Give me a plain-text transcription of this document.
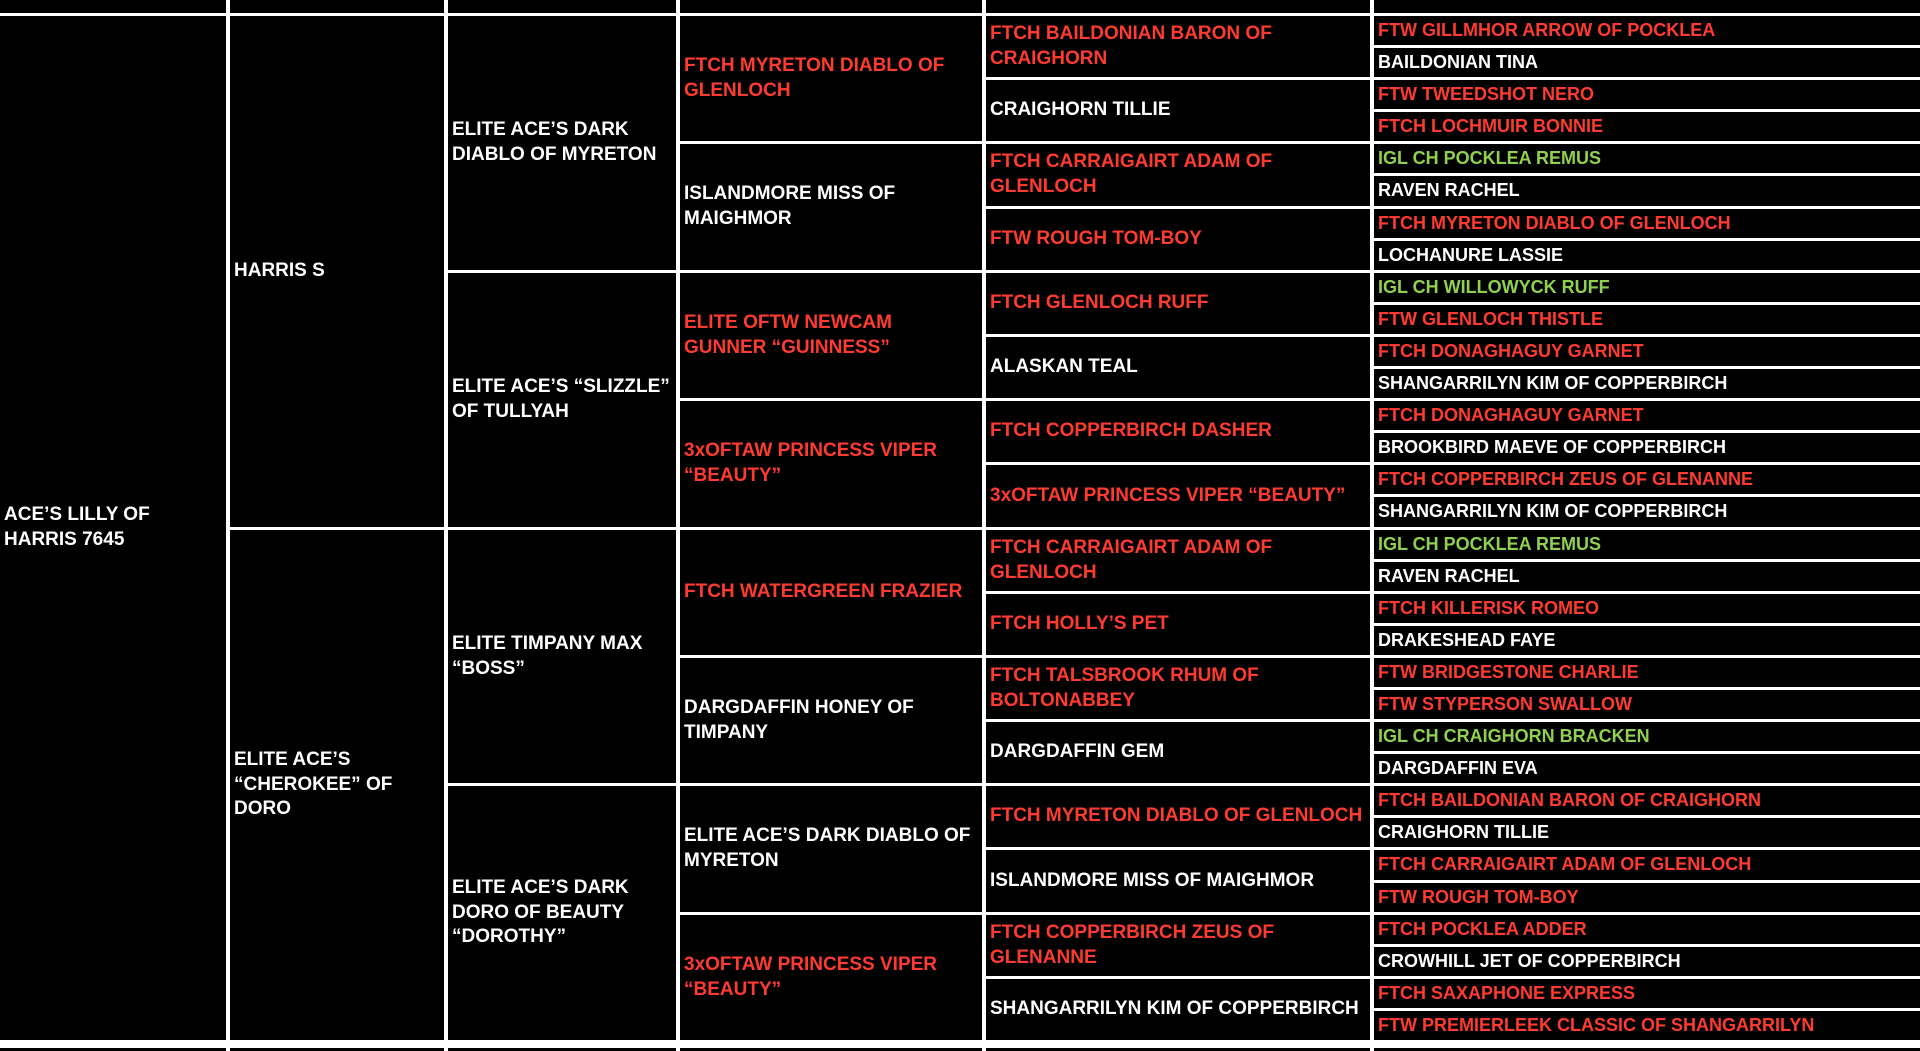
ACE’S LILLY OF HARRIS 7645
HARRIS S
ELITE ACE’S “CHEROKEE” OF DORO
ELITE ACE’S DARK DIABLO OF MYRETON
ELITE ACE’S “SLIZZLE” OF TULLYAH
ELITE TIMPANY MAX “BOSS”
ELITE ACE’S DARK DORO OF BEAUTY “DOROTHY”
FTCH MYRETON DIABLO OF GLENLOCH
ISLANDMORE MISS OF MAIGHMOR
ELITE OFTW NEWCAM GUNNER “GUINNESS”
3xOFTAW PRINCESS VIPER “BEAUTY”
FTCH WATERGREEN FRAZIER
DARGDAFFIN HONEY OF TIMPANY
ELITE ACE’S DARK DIABLO OF MYRETON
3xOFTAW PRINCESS VIPER “BEAUTY”
FTCH BAILDONIAN BARON OF CRAIGHORN
CRAIGHORN TILLIE
FTCH CARRAIGAIRT ADAM OF GLENLOCH
FTW ROUGH TOM-BOY
FTCH GLENLOCH RUFF
ALASKAN TEAL
FTCH COPPERBIRCH DASHER
3xOFTAW PRINCESS VIPER “BEAUTY”
FTCH CARRAIGAIRT ADAM OF GLENLOCH
FTCH HOLLY’S PET
FTCH TALSBROOK RHUM OF BOLTONABBEY
DARGDAFFIN GEM
FTCH MYRETON DIABLO OF GLENLOCH
ISLANDMORE MISS OF MAIGHMOR
FTCH COPPERBIRCH ZEUS OF GLENANNE
SHANGARRILYN KIM OF COPPERBIRCH
FTW GILLMHOR ARROW OF POCKLEA
BAILDONIAN TINA
FTW TWEEDSHOT NERO
FTCH LOCHMUIR BONNIE
IGL CH POCKLEA REMUS
RAVEN RACHEL
FTCH MYRETON DIABLO OF GLENLOCH
LOCHANURE LASSIE
IGL CH WILLOWYCK RUFF
FTW GLENLOCH THISTLE
FTCH DONAGHAGUY GARNET
SHANGARRILYN KIM OF COPPERBIRCH
FTCH DONAGHAGUY GARNET
BROOKBIRD MAEVE OF COPPERBIRCH
FTCH COPPERBIRCH ZEUS OF GLENANNE
SHANGARRILYN KIM OF COPPERBIRCH
IGL CH POCKLEA REMUS
RAVEN RACHEL
FTCH KILLERISK ROMEO
DRAKESHEAD FAYE
FTW BRIDGESTONE CHARLIE
FTW STYPERSON SWALLOW
IGL CH CRAIGHORN BRACKEN
DARGDAFFIN EVA
FTCH BAILDONIAN BARON OF CRAIGHORN
CRAIGHORN TILLIE
FTCH CARRAIGAIRT ADAM OF GLENLOCH
FTW ROUGH TOM-BOY
FTCH POCKLEA ADDER
CROWHILL JET OF COPPERBIRCH
FTCH SAXAPHONE EXPRESS
FTW PREMIERLEEK CLASSIC OF SHANGARRILYN
